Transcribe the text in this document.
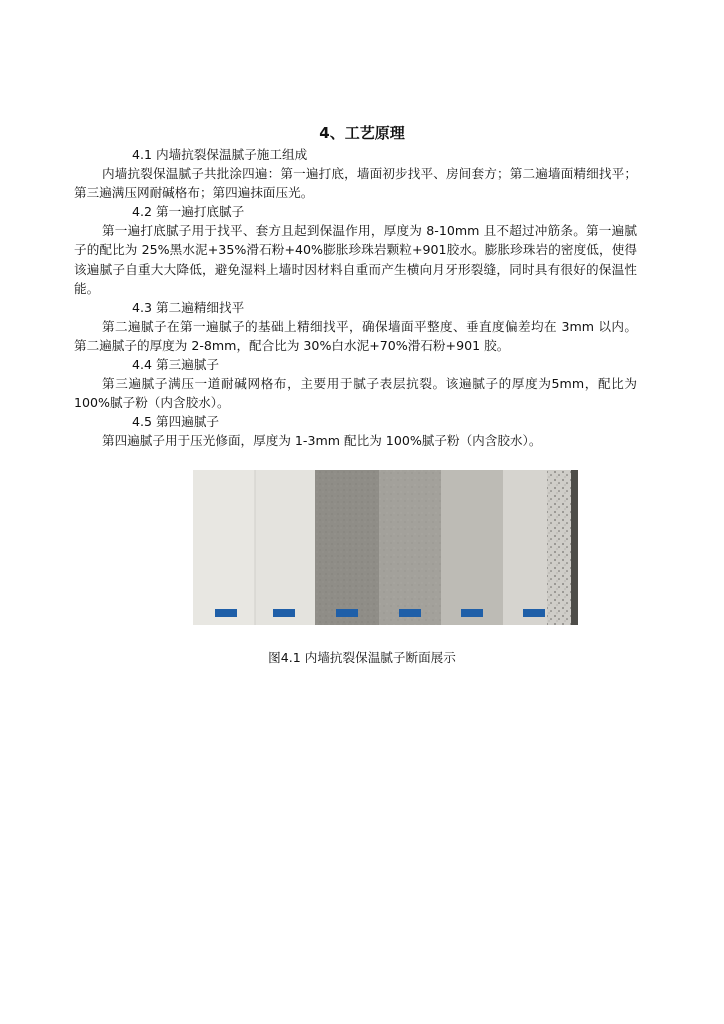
4、工艺原理

4.1 内墙抗裂保温腻子施工组成

内墙抗裂保温腻子共批涂四遍：第一遍打底，墙面初步找平、房间套方；第二遍墙面精细找平；第三遍满压网耐碱格布；第四遍抹面压光。

4.2 第一遍打底腻子

第一遍打底腻子用于找平、套方且起到保温作用，厚度为 8-10mm 且不超过冲筋条。第一遍腻子的配比为 25%黑水泥+35%滑石粉+40%膨胀珍珠岩颗粒+901胶水。膨胀珍珠岩的密度低，使得该遍腻子自重大大降低，避免湿料上墙时因材料自重而产生横向月牙形裂缝，同时具有很好的保温性能。

4.3 第二遍精细找平

第二遍腻子在第一遍腻子的基础上精细找平，确保墙面平整度、垂直度偏差均在 3mm 以内。 第二遍腻子的厚度为 2-8mm，配合比为 30%白水泥+70%滑石粉+901 胶。

4.4 第三遍腻子

第三遍腻子满压一道耐碱网格布，主要用于腻子表层抗裂。该遍腻子的厚度为5mm，配比为 100%腻子粉（内含胶水）。

4.5 第四遍腻子

第四遍腻子用于压光修面，厚度为 1-3mm 配比为 100%腻子粉（内含胶水）。

图4.1 内墙抗裂保温腻子断面展示
